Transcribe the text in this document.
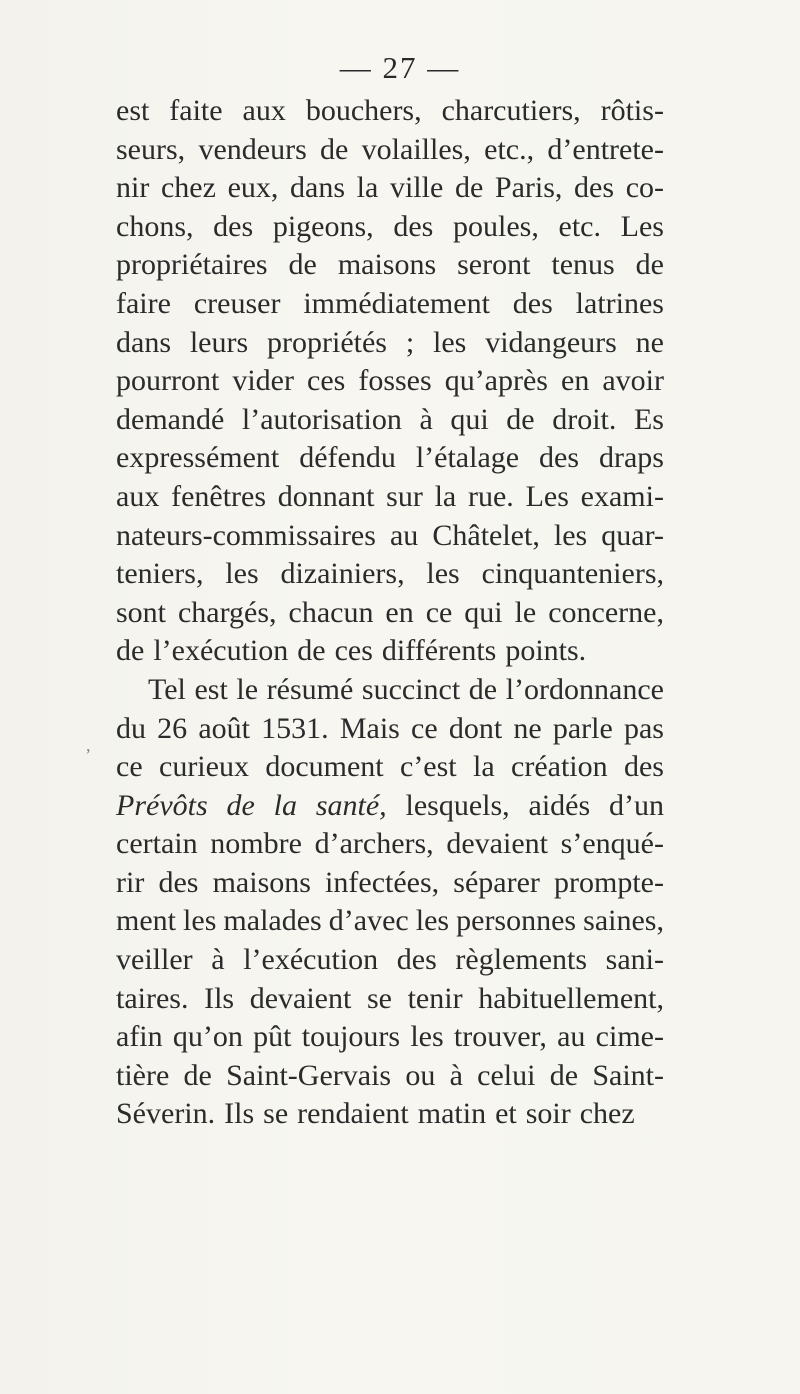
— 27 —
,
est faite aux bouchers, charcutiers, rôtis-
seurs, vendeurs de volailles, etc., d’entrete-
nir chez eux, dans la ville de Paris, des co-
chons, des pigeons, des poules, etc. Les
propriétaires de maisons seront tenus de
faire creuser immédiatement des latrines
dans leurs propriétés ; les vidangeurs ne
pourront vider ces fosses qu’après en avoir
demandé l’autorisation à qui de droit. Es
expressément défendu l’étalage des draps
aux fenêtres donnant sur la rue. Les exami-
nateurs-commissaires au Châtelet, les quar-
teniers, les dizainiers, les cinquanteniers,
sont chargés, chacun en ce qui le concerne,
de l’exécution de ces différents points.
Tel est le résumé succinct de l’ordonnance
du 26 août 1531. Mais ce dont ne parle pas
ce curieux document c’est la création des
Prévôts de la santé, lesquels, aidés d’un
certain nombre d’archers, devaient s’enqué-
rir des maisons infectées, séparer prompte-
ment les malades d’avec les personnes saines,
veiller à l’exécution des règlements sani-
taires. Ils devaient se tenir habituellement,
afin qu’on pût toujours les trouver, au cime-
tière de Saint-Gervais ou à celui de Saint-
Séverin. Ils se rendaient matin et soir chez
